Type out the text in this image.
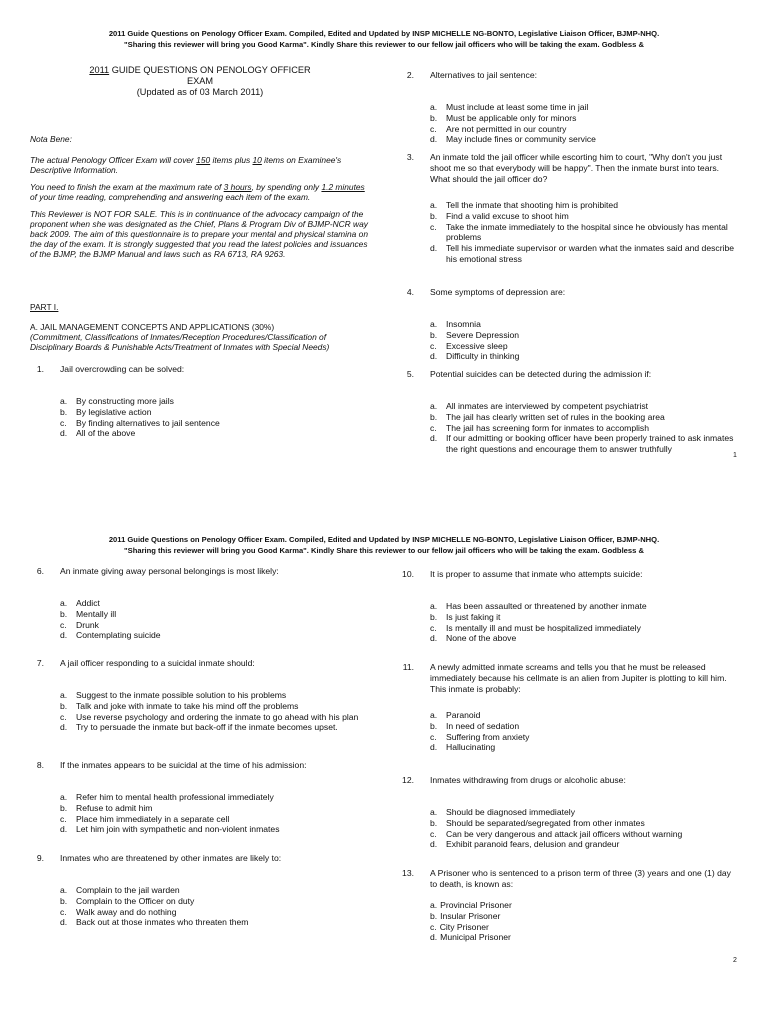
2011 Guide Questions on Penology Officer Exam. Compiled, Edited and Updated by INSP MICHELLE NG-BONTO, Legislative Liaison Officer, BJMP-NHQ.
"Sharing this reviewer will bring you Good Karma". Kindly Share this reviewer to our fellow jail officers who will be taking the exam. Godbless &
2011 GUIDE QUESTIONS ON PENOLOGY OFFICER
EXAM
(Updated as of 03 March 2011)

Nota Bene:

The actual Penology Officer Exam will cover 150 items plus 10 items on Examinee's Descriptive Information.

You need to finish the exam at the maximum rate of 3 hours, by spending only 1.2 minutes of your time reading, comprehending and answering each item of the exam.

This Reviewer is NOT FOR SALE. This is in continuance of the advocacy campaign of the proponent when she was designated as the Chief, Plans & Program Div of BJMP-NCR way back 2009. The aim of this questionnaire is to prepare your mental and physical stamina on the day of the exam. It is strongly suggested that you read the latest policies and issuances of the BJMP, the BJMP Manual and laws such as RA 6713, RA 9263.

PART I.
A. JAIL MANAGEMENT CONCEPTS AND APPLICATIONS (30%)
(Commitment, Classifications of Inmates/Reception Procedures/Classification of Disciplinary Boards & Punishable Acts/Treatment of Inmates with Special Needs)
1. Jail overcrowding can be solved:
a. By constructing more jails
b. By legislative action
c. By finding alternatives to jail sentence
d. All of the above
2. Alternatives to jail sentence:
a. Must include at least some time in jail
b. Must be applicable only for minors
c. Are not permitted in our country
d. May include fines or community service
3. An inmate told the jail officer while escorting him to court, "Why don't you just shoot me so that everybody will be happy". Then the inmate burst into tears. What should the jail officer do?
a. Tell the inmate that shooting him is prohibited
b. Find a valid excuse to shoot him
c. Take the inmate immediately to the hospital since he obviously has mental problems
d. Tell his immediate supervisor or warden what the inmates said and describe his emotional stress
4. Some symptoms of depression are:
a. Insomnia
b. Severe Depression
c. Excessive sleep
d. Difficulty in thinking
5. Potential suicides can be detected during the admission if:
a. All inmates are interviewed by competent psychiatrist
b. The jail has clearly written set of rules in the booking area
c. The jail has screening form for inmates to accomplish
d. If our admitting or booking officer have been properly trained to ask inmates the right questions and encourage them to answer truthfully
1
2011 Guide Questions on Penology Officer Exam. Compiled, Edited and Updated by INSP MICHELLE NG-BONTO, Legislative Liaison Officer, BJMP-NHQ.
"Sharing this reviewer will bring you Good Karma". Kindly Share this reviewer to our fellow jail officers who will be taking the exam. Godbless &
6. An inmate giving away personal belongings is most likely:
a. Addict
b. Mentally ill
c. Drunk
d. Contemplating suicide
7. A jail officer responding to a suicidal inmate should:
a. Suggest to the inmate possible solution to his problems
b. Talk and joke with inmate to take his mind off the problems
c. Use reverse psychology and ordering the inmate to go ahead with his plan
d. Try to persuade the inmate but back-off if the inmate becomes upset.
8. If the inmates appears to be suicidal at the time of his admission:
a. Refer him to mental health professional immediately
b. Refuse to admit him
c. Place him immediately in a separate cell
d. Let him join with sympathetic and non-violent inmates
9. Inmates who are threatened by other inmates are likely to:
a. Complain to the jail warden
b. Complain to the Officer on duty
c. Walk away and do nothing
d. Back out at those inmates who threaten them
10. It is proper to assume that inmate who attempts suicide:
a. Has been assaulted or threatened by another inmate
b. Is just faking it
c. Is mentally ill and must be hospitalized immediately
d. None of the above
11. A newly admitted inmate screams and tells you that he must be released immediately because his cellmate is an alien from Jupiter is plotting to kill him. This inmate is probably:
a. Paranoid
b. In need of sedation
c. Suffering from anxiety
d. Hallucinating
12. Inmates withdrawing from drugs or alcoholic abuse:
a. Should be diagnosed immediately
b. Should be separated/segregated from other inmates
c. Can be very dangerous and attack jail officers without warning
d. Exhibit paranoid fears, delusion and grandeur
13. A Prisoner who is sentenced to a prison term of three (3) years and one (1) day to death, is known as:
a. Provincial Prisoner
b. Insular Prisoner
c. City Prisoner
d. Municipal Prisoner
2
